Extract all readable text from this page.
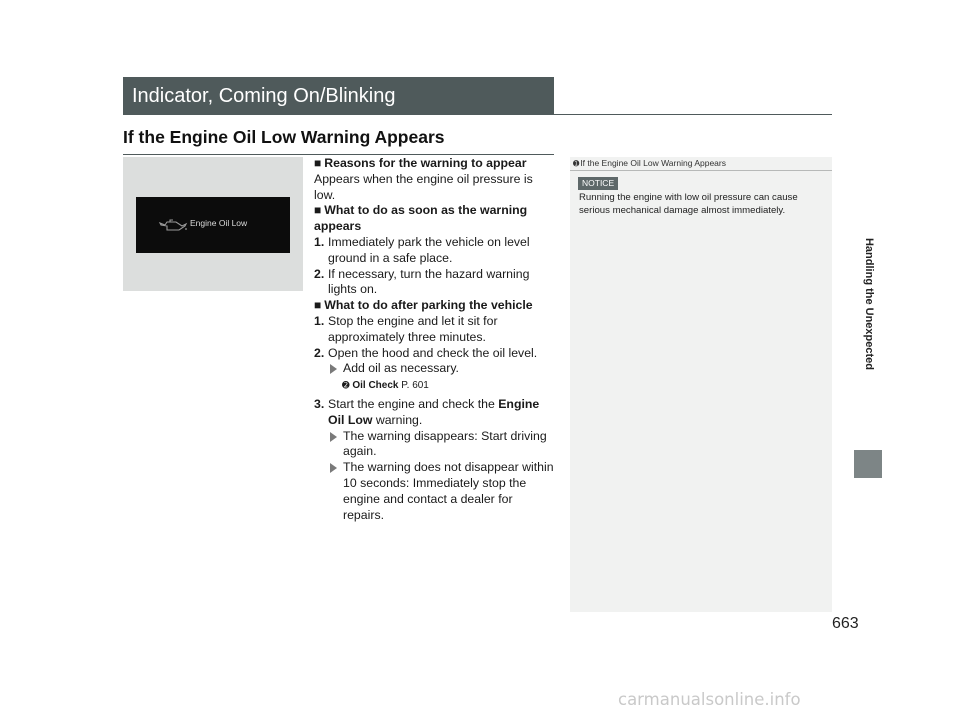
Indicator, Coming On/Blinking
If the Engine Oil Low Warning Appears
Engine Oil Low
■ Reasons for the warning to appear
Appears when the engine oil pressure is low.
■ What to do as soon as the warning appears
1. Immediately park the vehicle on level ground in a safe place.
2. If necessary, turn the hazard warning lights on.
■ What to do after parking the vehicle
1. Stop the engine and let it sit for approximately three minutes.
2. Open the hood and check the oil level.
Add oil as necessary.
➋ Oil Check P. 601
3. Start the engine and check the Engine Oil Low warning.
The warning disappears: Start driving again.
The warning does not disappear within 10 seconds: Immediately stop the engine and contact a dealer for repairs.
➊If the Engine Oil Low Warning Appears
NOTICE
Running the engine with low oil pressure can cause serious mechanical damage almost immediately.
Handling the Unexpected
663
carmanualsonline.info
